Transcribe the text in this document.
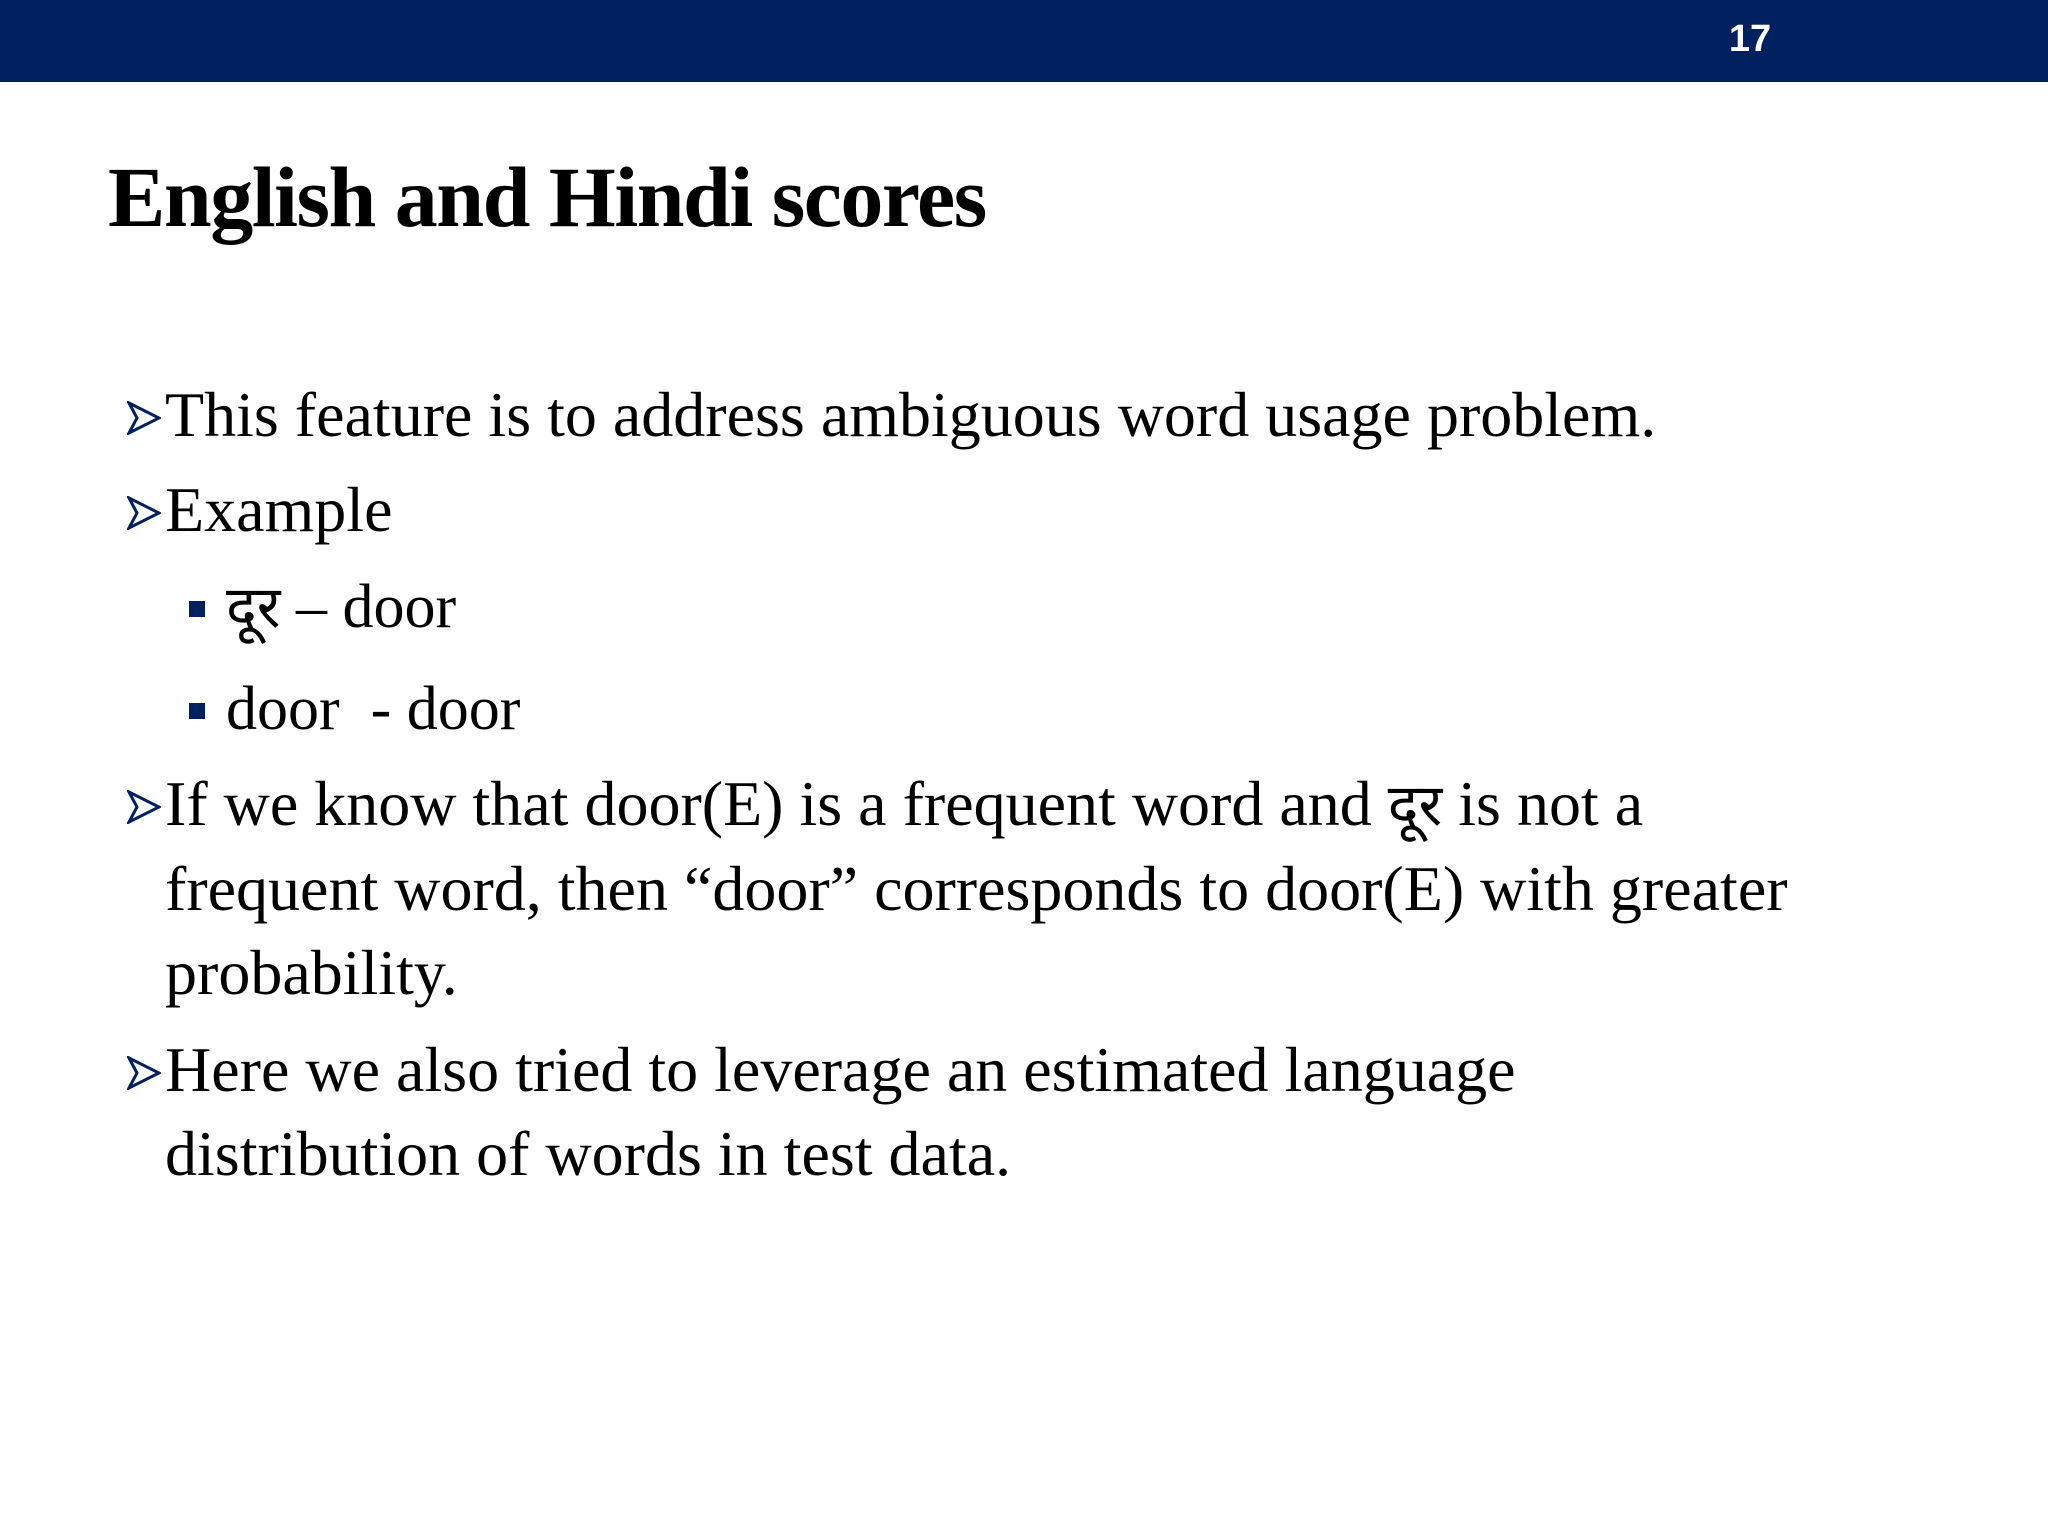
17
English and Hindi scores
This feature is to address ambiguous word usage problem.
Example
दूर – door
door  - door
If we know that door(E) is a frequent word and दूर is not a
frequent word, then “door” corresponds to door(E) with greater
probability.
Here we also tried to leverage an estimated language
distribution of words in test data.
